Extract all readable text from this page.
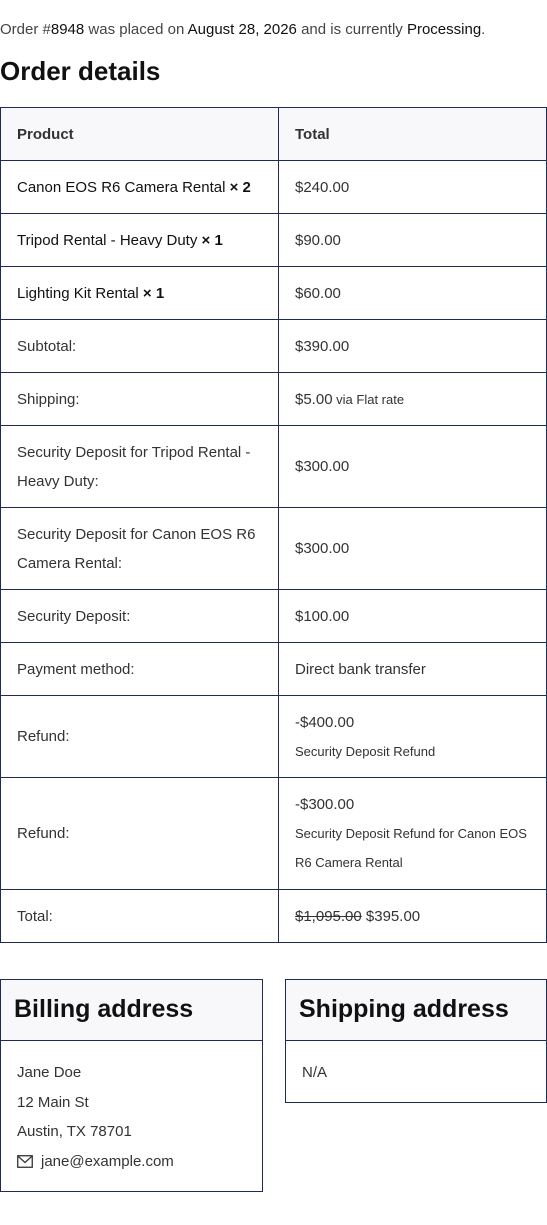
Order #8948 was placed on August 28, 2026 and is currently Processing.

Order details
Product	Total
Canon EOS R6 Camera Rental × 2	$240.00
Tripod Rental - Heavy Duty × 1	$90.00
Lighting Kit Rental × 1	$60.00
Subtotal:	$390.00
Shipping:	$5.00 via Flat rate
Security Deposit for Tripod Rental - Heavy Duty:	$300.00
Security Deposit for Canon EOS R6 Camera Rental:	$300.00
Security Deposit:	$100.00
Payment method:	Direct bank transfer
Refund:	-$400.00
Security Deposit Refund

Refund:	-$300.00
Security Deposit Refund for Canon EOS R6 Camera Rental

Total:	$1,095.00 $395.00
Billing address
Jane Doe
12 Main St
Austin, TX 78701
jane@example.com
Shipping address
N/A
